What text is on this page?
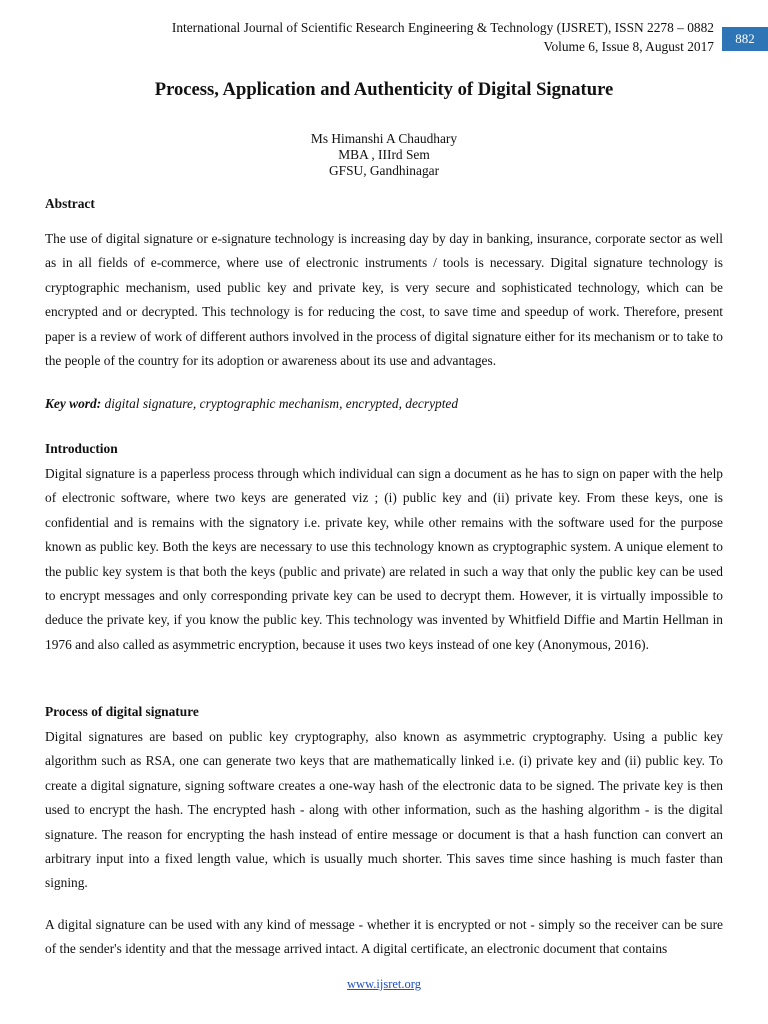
International Journal of Scientific Research Engineering & Technology (IJSRET), ISSN 2278 – 0882
Volume 6, Issue 8, August 2017
882
Process, Application and Authenticity of Digital Signature
Ms Himanshi A Chaudhary
MBA , IIIrd Sem
GFSU, Gandhinagar
Abstract
The use of digital signature or e-signature technology is increasing day by day in banking, insurance, corporate sector as well as in all fields of e-commerce, where use of electronic instruments / tools is necessary. Digital signature technology is cryptographic mechanism, used public key and private key, is very secure and sophisticated technology, which can be encrypted and or decrypted. This technology is for reducing the cost, to save time and speedup of work. Therefore, present paper is a review of work of different authors involved in the process of digital signature either for its mechanism or to take to the people of the country for its adoption or awareness about its use and advantages.
Key word: digital signature, cryptographic mechanism, encrypted, decrypted
Introduction
Digital signature is a paperless process through which individual can sign a document as he has to sign on paper with the help of electronic software, where two keys are generated viz ; (i) public key and (ii) private key. From these keys, one is confidential and is remains with the signatory i.e. private key, while other remains with the software used for the purpose known as public key. Both the keys are necessary to use this technology known as cryptographic system. A unique element to the public key system is that both the keys (public and private) are related in such a way that only the public key can be used to encrypt messages and only corresponding private key can be used to decrypt them. However, it is virtually impossible to deduce the private key, if you know the public key. This technology was invented by Whitfield Diffie and Martin Hellman in 1976 and also called as asymmetric encryption, because it uses two keys instead of one key (Anonymous, 2016).
Process of digital signature
Digital signatures are based on public key cryptography, also known as asymmetric cryptography. Using a public key algorithm such as RSA, one can generate two keys that are mathematically linked i.e. (i) private key and (ii) public key. To create a digital signature, signing software creates a one-way hash of the electronic data to be signed. The private key is then used to encrypt the hash. The encrypted hash - along with other information, such as the hashing algorithm - is the digital signature. The reason for encrypting the hash instead of entire message or document is that a hash function can convert an arbitrary input into a fixed length value, which is usually much shorter. This saves time since hashing is much faster than signing.
A digital signature can be used with any kind of message - whether it is encrypted or not - simply so the receiver can be sure of the sender's identity and that the message arrived intact. A digital certificate, an electronic document that contains
www.ijsret.org
